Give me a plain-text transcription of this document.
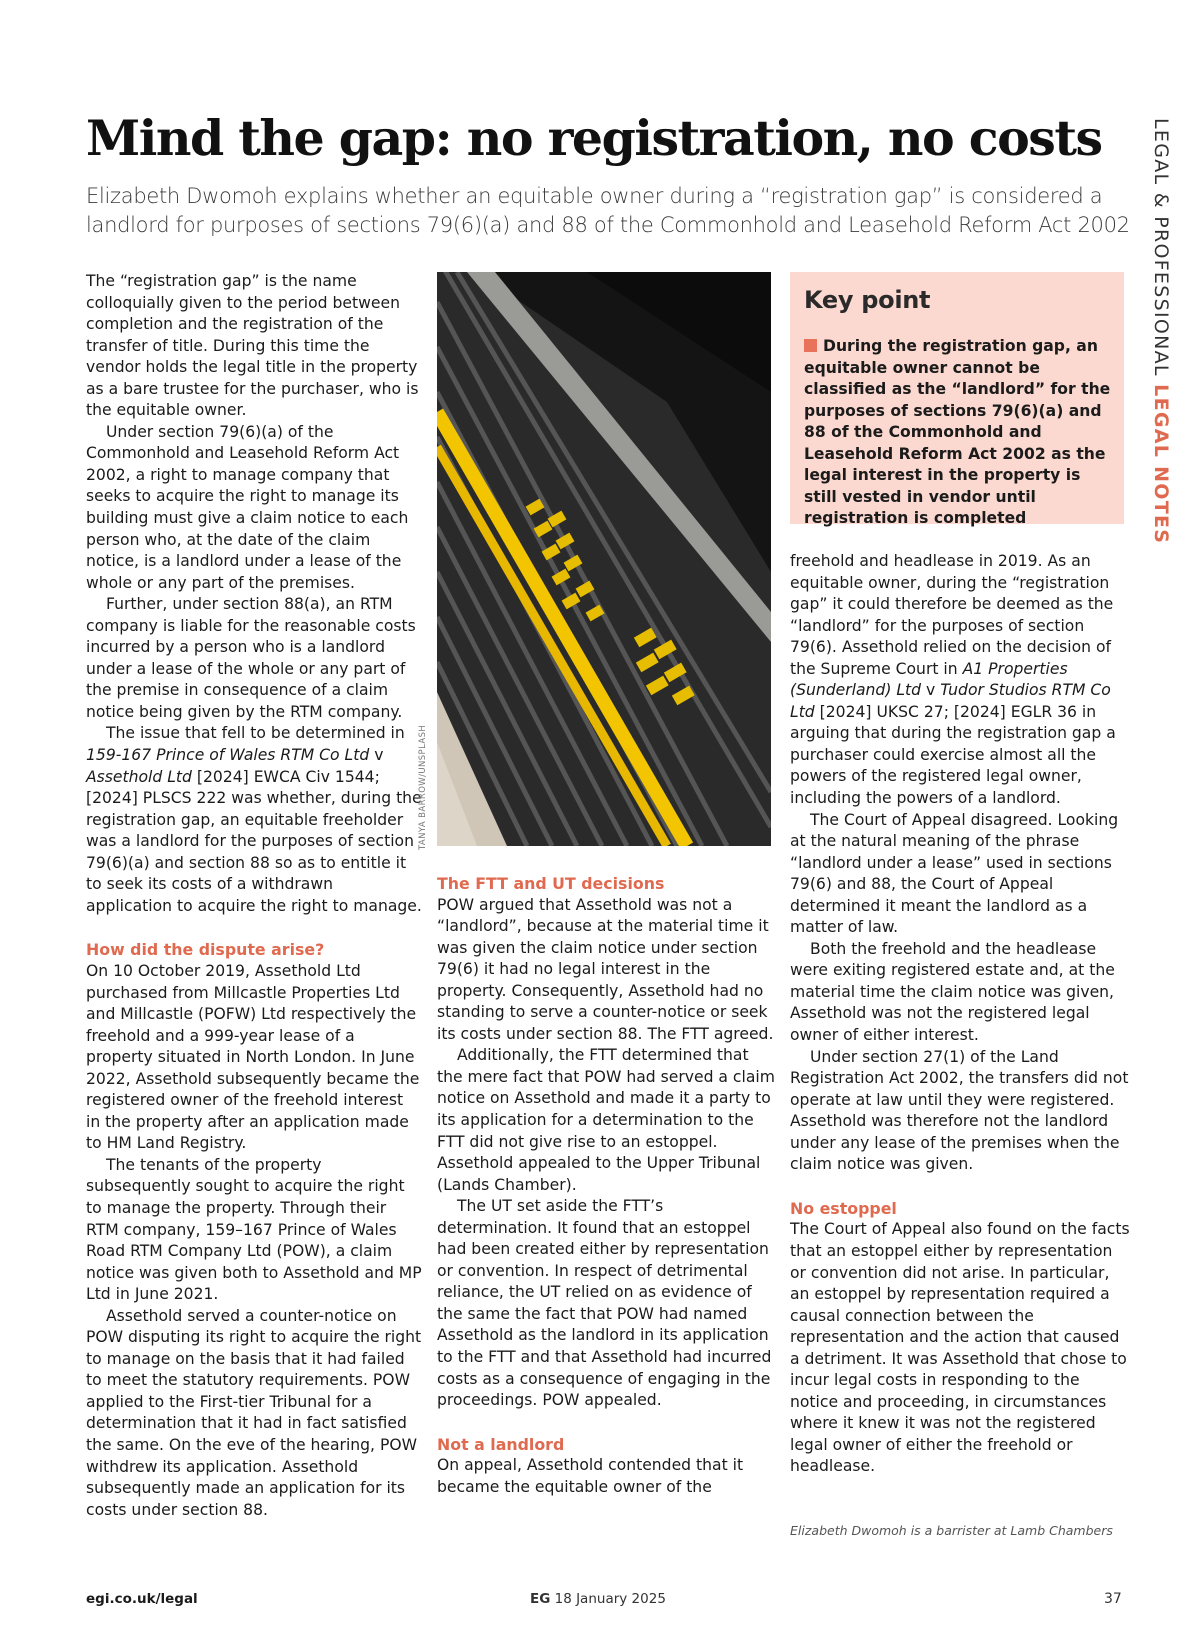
Mind the gap: no registration, no costs
Elizabeth Dwomoh explains whether an equitable owner during a “registration gap” is considered a landlord for purposes of sections 79(6)(a) and 88 of the Commonhold and Leasehold Reform Act 2002 LEGAL & PROFESSIONAL LEGAL NOTES

The “registration gap” is the name colloquially given to the period between completion and the registration of the transfer of title. During this time the vendor holds the legal title in the property as a bare trustee for the purchaser, who is the equitable owner.

Under section 79(6)(a) of the Commonhold and Leasehold Reform Act 2002, a right to manage company that seeks to acquire the right to manage its building must give a claim notice to each person who, at the date of the claim notice, is a landlord under a lease of the whole or any part of the premises.

Further, under section 88(a), an RTM company is liable for the reasonable costs incurred by a person who is a landlord under a lease of the whole or any part of the premise in consequence of a claim notice being given by the RTM company.

The issue that fell to be determined in 159-167 Prince of Wales RTM Co Ltd v Assethold Ltd [2024] EWCA Civ 1544; [2024] PLSCS 222 was whether, during the registration gap, an equitable freeholder was a landlord for the purposes of section 79(6)(a) and section 88 so as to entitle it to seek its costs of a withdrawn application to acquire the right to manage.

How did the dispute arise?

On 10 October 2019, Assethold Ltd purchased from Millcastle Properties Ltd and Millcastle (POFW) Ltd respectively the freehold and a 999-year lease of a property situated in North London. In June 2022, Assethold subsequently became the registered owner of the freehold interest in the property after an application made to HM Land Registry.

The tenants of the property subsequently sought to acquire the right to manage the property. Through their RTM company, 159–167 Prince of Wales Road RTM Company Ltd (POW), a claim notice was given both to Assethold and MP Ltd in June 2021.

Assethold served a counter-notice on POW disputing its right to acquire the right to manage on the basis that it had failed to meet the statutory requirements. POW applied to the First-tier Tribunal for a determination that it had in fact satisfied the same. On the eve of the hearing, POW withdrew its application. Assethold subsequently made an application for its costs under section 88.

TANYA BARROW/UNSPLASH
Key point
During the registration gap, an equitable owner cannot be classified as the “landlord” for the purposes of sections 79(6)(a) and 88 of the Commonhold and Leasehold Reform Act 2002 as the legal interest in the property is still vested in vendor until registration is completed
The FTT and UT decisions

POW argued that Assethold was not a “landlord”, because at the material time it was given the claim notice under section 79(6) it had no legal interest in the property. Consequently, Assethold had no standing to serve a counter-notice or seek its costs under section 88. The FTT agreed.

Additionally, the FTT determined that the mere fact that POW had served a claim notice on Assethold and made it a party to its application for a determination to the FTT did not give rise to an estoppel. Assethold appealed to the Upper Tribunal (Lands Chamber).

The UT set aside the FTT’s determination. It found that an estoppel had been created either by representation or convention. In respect of detrimental reliance, the UT relied on as evidence of the same the fact that POW had named Assethold as the landlord in its application to the FTT and that Assethold had incurred costs as a consequence of engaging in the proceedings. POW appealed.

Not a landlord

On appeal, Assethold contended that it became the equitable owner of the

freehold and headlease in 2019. As an equitable owner, during the “registration gap” it could therefore be deemed as the “landlord” for the purposes of section 79(6). Assethold relied on the decision of the Supreme Court in A1 Properties (Sunderland) Ltd v Tudor Studios RTM Co Ltd [2024] UKSC 27; [2024] EGLR 36 in arguing that during the registration gap a purchaser could exercise almost all the powers of the registered legal owner, including the powers of a landlord.

The Court of Appeal disagreed. Looking at the natural meaning of the phrase “landlord under a lease” used in sections 79(6) and 88, the Court of Appeal determined it meant the landlord as a matter of law.

Both the freehold and the headlease were exiting registered estate and, at the material time the claim notice was given, Assethold was not the registered legal owner of either interest.

Under section 27(1) of the Land Registration Act 2002, the transfers did not operate at law until they were registered. Assethold was therefore not the landlord under any lease of the premises when the claim notice was given.

No estoppel

The Court of Appeal also found on the facts that an estoppel either by representation or convention did not arise. In particular, an estoppel by representation required a causal connection between the representation and the action that caused a detriment. It was Assethold that chose to incur legal costs in responding to the notice and proceeding, in circumstances where it knew it was not the registered legal owner of either the freehold or headlease.

Elizabeth Dwomoh is a barrister at Lamb Chambers
egi.co.uk/legal	EG 18 January 2025	37
